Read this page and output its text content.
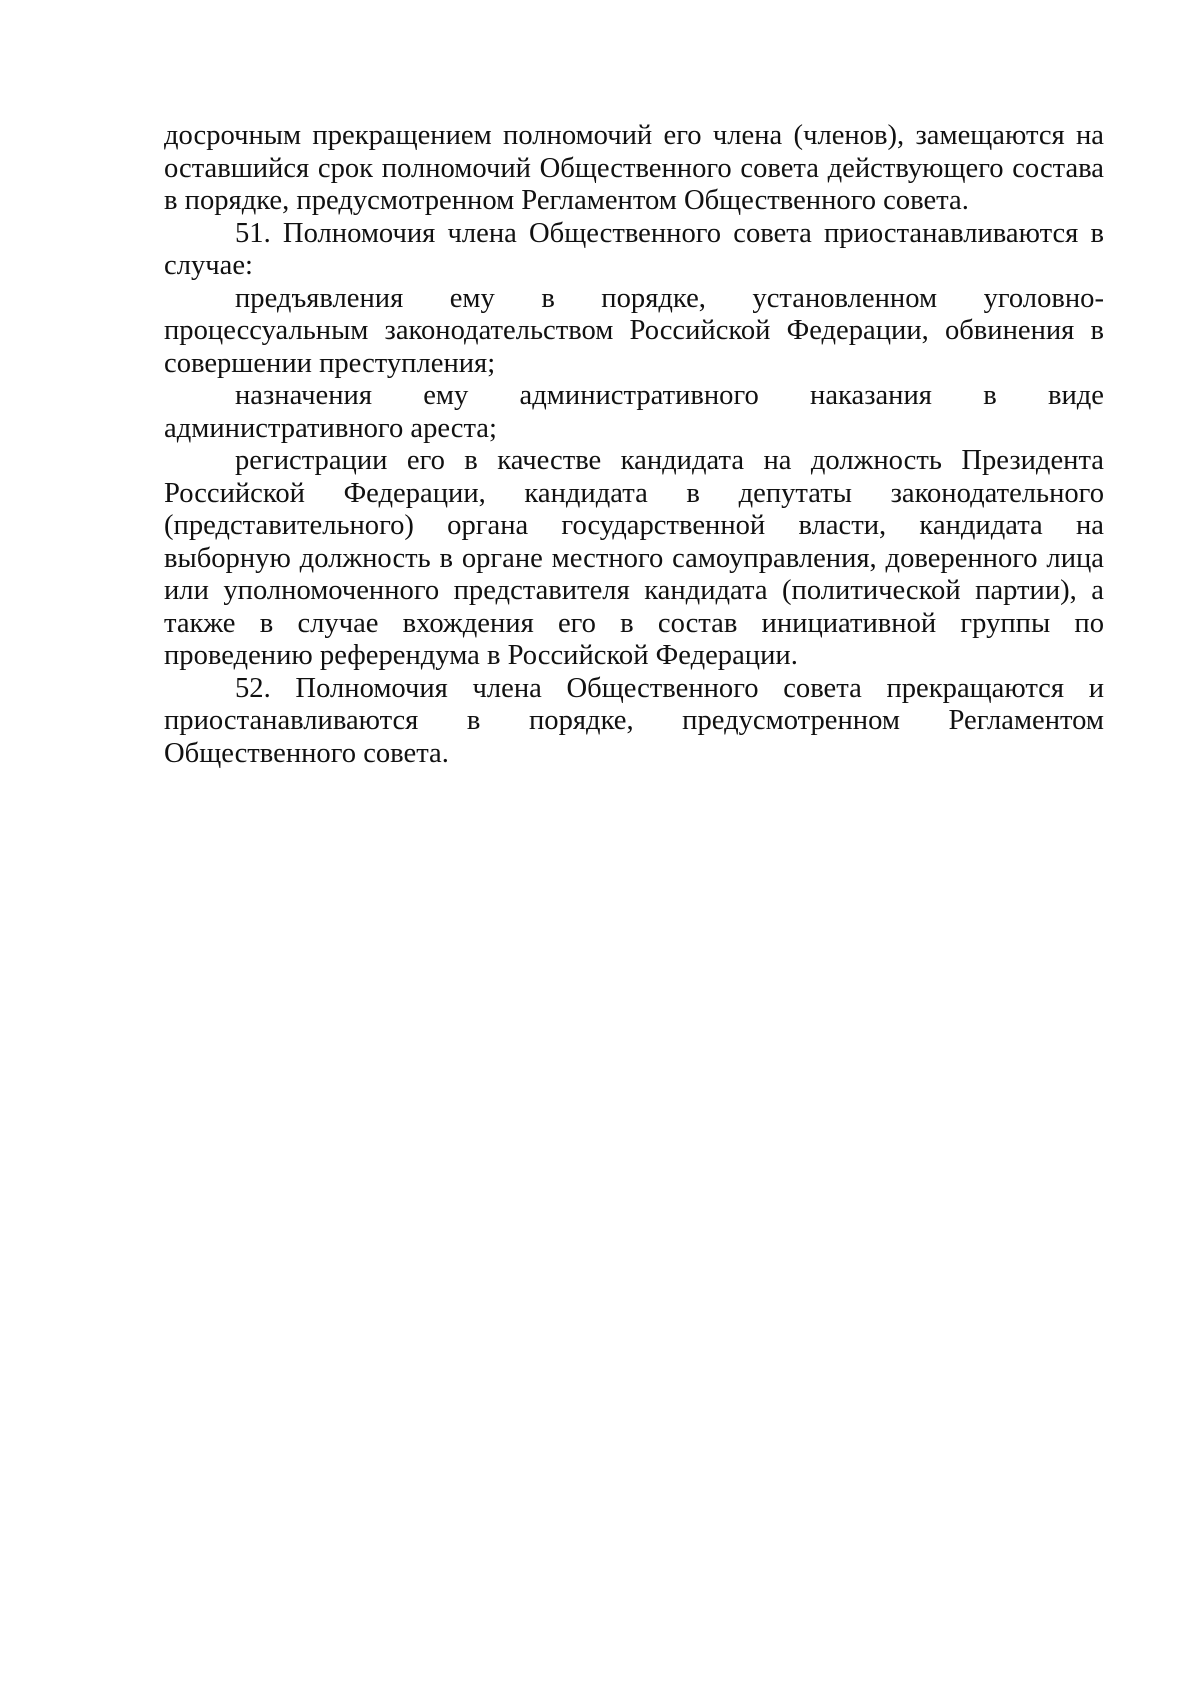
досрочным прекращением полномочий его члена (членов), замещаются на оставшийся срок полномочий Общественного совета действующего состава в порядке, предусмотренном Регламентом Общественного совета.

51. Полномочия члена Общественного совета приостанавливаются в случае:

предъявления ему в порядке, установленном уголовно-процессуальным законодательством Российской Федерации, обвинения в совершении преступления;

назначения ему административного наказания в виде административного ареста;

регистрации его в качестве кандидата на должность Президента Российской Федерации, кандидата в депутаты законодательного (представительного) органа государственной власти, кандидата на выборную должность в органе местного самоуправления, доверенного лица или уполномоченного представителя кандидата (политической партии), а также в случае вхождения его в состав инициативной группы по проведению референдума в Российской Федерации.

52. Полномочия члена Общественного совета прекращаются и приостанавливаются в порядке, предусмотренном Регламентом Общественного совета.
